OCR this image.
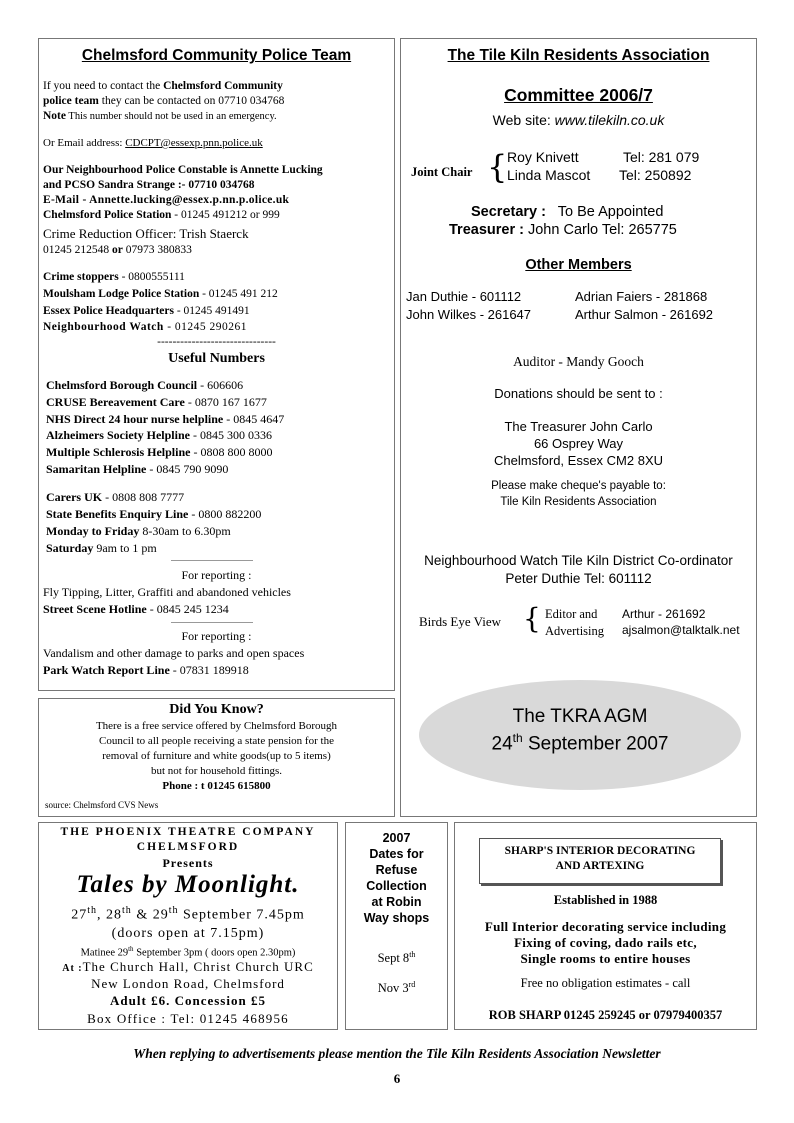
Chelmsford Community Police Team
If you need to contact the Chelmsford Community
police team they can be contacted on 07710 034768
Note This number should not be used in an emergency.
Or Email address: CDCPT@essexp.pnn.police.uk
Our Neighbourhood Police Constable is Annette Lucking
and PCSO Sandra Strange :- 07710 034768
E-Mail - Annette.lucking@essex.p.nn.p.olice.uk
Chelmsford Police Station - 01245 491212 or 999
Crime Reduction Officer: Trish Staerck
01245 212548 or 07973 380833
Crime stoppers - 0800555111
Moulsham Lodge Police Station - 01245 491 212
Essex Police Headquarters - 01245 491491
Neighbourhood Watch - 01245 290261
-------------------------------
Useful Numbers
Chelmsford Borough Council - 606606
CRUSE Bereavement Care - 0870 167 1677
NHS Direct 24 hour nurse helpline - 0845 4647
Alzheimers Society Helpline - 0845 300 0336
Multiple Schlerosis Helpline - 0808 800 8000
Samaritan Helpline - 0845 790 9090
Carers UK - 0808 808 7777
State Benefits Enquiry Line - 0800 882200
Monday to Friday 8-30am to 6.30pm
Saturday 9am to 1 pm
For reporting :
Fly Tipping, Litter, Graffiti and abandoned vehicles
Street Scene Hotline - 0845 245 1234
For reporting :
Vandalism and other damage to parks and open spaces
Park Watch Report Line - 07831 189918
The Tile Kiln Residents Association
Committee 2006/7
Web site: www.tilekiln.co.uk
Joint Chair { Roy Knivett	Tel: 281 079
Linda Mascot Tel: 250892
Secretary : To Be Appointed
Treasurer : John Carlo Tel: 265775
Other Members
Jan Duthie - 601112	Adrian Faiers - 281868
John Wilkes - 261647	Arthur Salmon - 261692
Auditor - Mandy Gooch
Donations should be sent to :
The Treasurer John Carlo
66 Osprey Way
Chelmsford, Essex CM2 8XU
Please make cheque's payable to:
Tile Kiln Residents Association
Neighbourhood Watch Tile Kiln District Co-ordinator
Peter Duthie Tel: 601112
Birds Eye View { Editor and
Advertising
Arthur - 261692
ajsalmon@talktalk.net
The TKRA AGM
24th September 2007
Did You Know?
There is a free service offered by Chelmsford Borough
Council to all people receiving a state pension for the
removal of furniture and white goods(up to 5 items)
but not for household fittings.
Phone : t 01245 615800
source: Chelmsford CVS News
THE PHOENIX THEATRE COMPANY
CHELMSFORD
Presents
Tales by Moonlight.
27th, 28th & 29th September 7.45pm
(doors open at 7.15pm)
Matinee 29th September 3pm ( doors open 2.30pm)
At :The Church Hall, Christ Church URC
New London Road, Chelmsford
Adult £6. Concession £5
Box Office : Tel: 01245 468956
2007
Dates for
Refuse
Collection
at Robin
Way shops
Sept 8th
Nov 3rd
SHARP'S INTERIOR DECORATING
AND ARTEXING
Established in 1988
Full Interior decorating service including
Fixing of coving, dado rails etc,
Single rooms to entire houses
Free no obligation estimates - call
ROB SHARP 01245 259245 or 07979400357
When replying to advertisements please mention the Tile Kiln Residents Association Newsletter
6
